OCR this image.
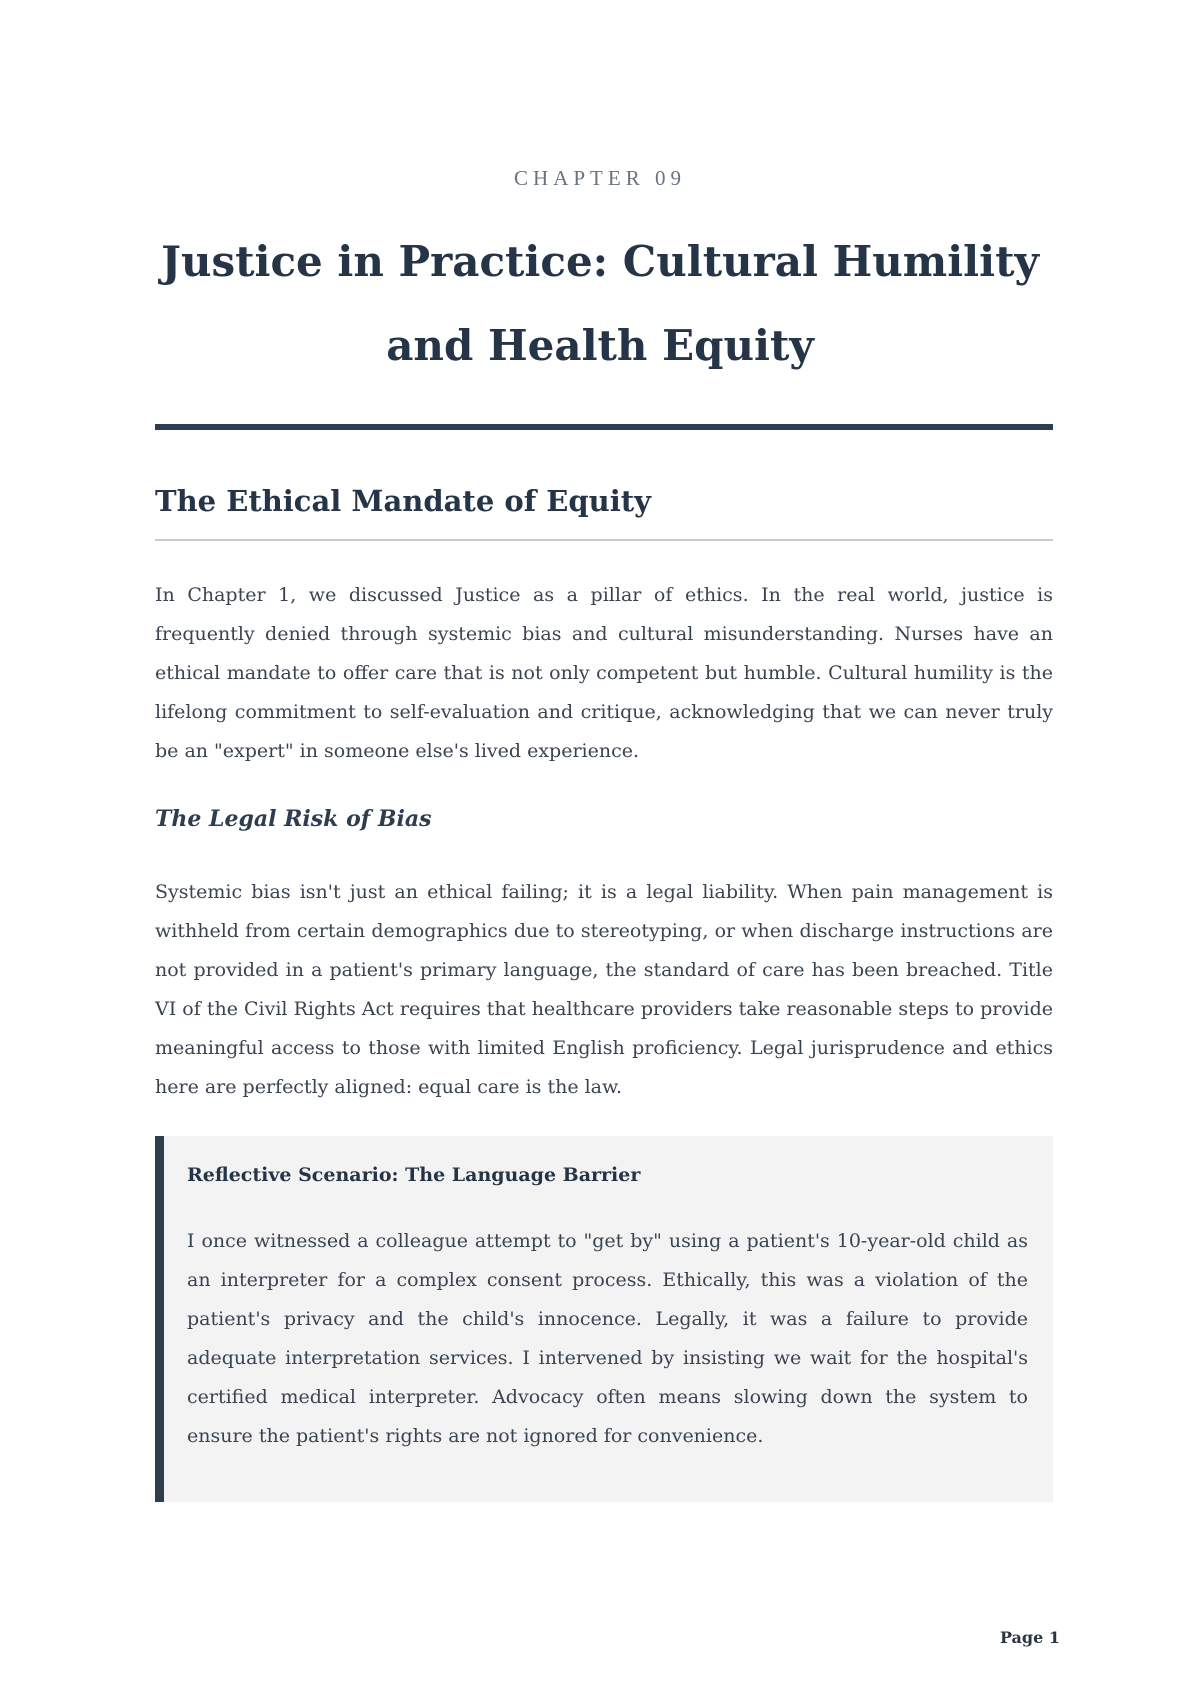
CHAPTER 09
Justice in Practice: Cultural Humility and Health Equity
The Ethical Mandate of Equity

In Chapter 1, we discussed Justice as a pillar of ethics. In the real world, justice is frequently denied through systemic bias and cultural misunderstanding. Nurses have an ethical mandate to offer care that is not only competent but humble. Cultural humility is the lifelong commitment to self-evaluation and critique, acknowledging that we can never truly be an "expert" in someone else's lived experience.

The Legal Risk of Bias

Systemic bias isn't just an ethical failing; it is a legal liability. When pain management is withheld from certain demographics due to stereotyping, or when discharge instructions are not provided in a patient's primary language, the standard of care has been breached. Title VI of the Civil Rights Act requires that healthcare providers take reasonable steps to provide meaningful access to those with limited English proficiency. Legal jurisprudence and ethics here are perfectly aligned: equal care is the law.

Reflective Scenario: The Language Barrier

I once witnessed a colleague attempt to "get by" using a patient's 10-year-old child as an interpreter for a complex consent process. Ethically, this was a violation of the patient's privacy and the child's innocence. Legally, it was a failure to provide adequate interpretation services. I intervened by insisting we wait for the hospital's certified medical interpreter. Advocacy often means slowing down the system to ensure the patient's rights are not ignored for convenience.

Page 1
